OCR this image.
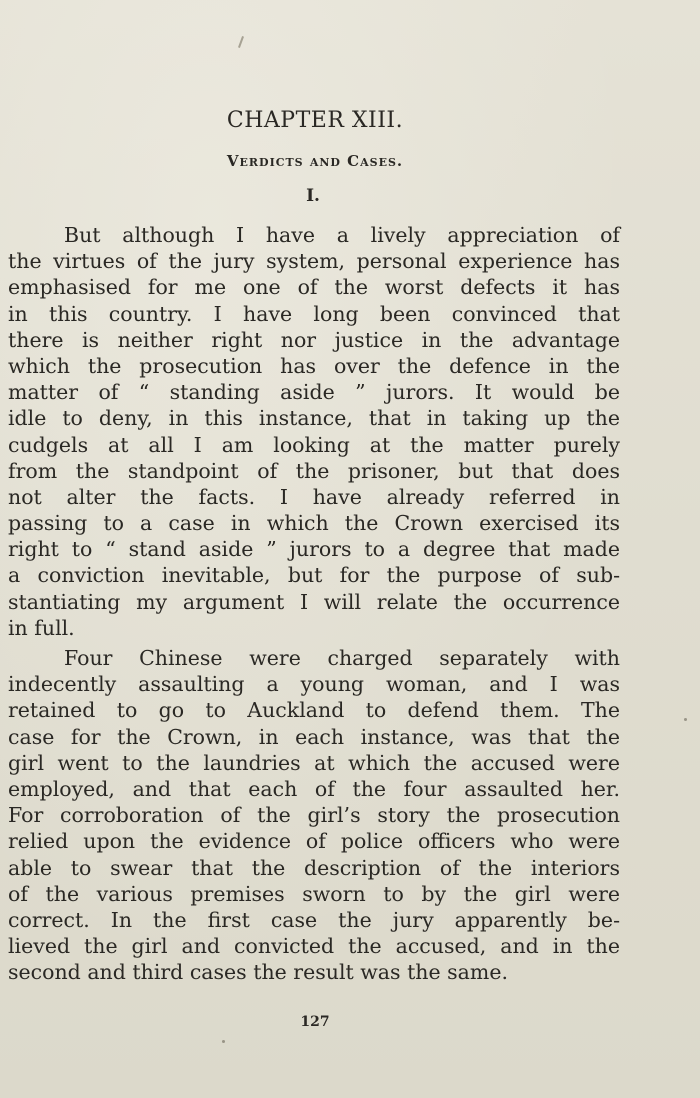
CHAPTER XIII.
Verdicts and Cases.
I.
But although I have a lively appreciation of
the virtues of the jury system, personal experience has
emphasised for me one of the worst defects it has
in this country. I have long been convinced that
there is neither right nor justice in the advantage
which the prosecution has over the defence in the
matter of “ standing aside ” jurors. It would be
idle to deny, in this instance, that in taking up the
cudgels at all I am looking at the matter purely
from the standpoint of the prisoner, but that does
not alter the facts. I have already referred in
passing to a case in which the Crown exercised its
right to “ stand aside ” jurors to a degree that made
a conviction inevitable, but for the purpose of sub-
stantiating my argument I will relate the occurrence
in full.
Four Chinese were charged separately with
indecently assaulting a young woman, and I was
retained to go to Auckland to defend them. The
case for the Crown, in each instance, was that the
girl went to the laundries at which the accused were
employed, and that each of the four assaulted her.
For corroboration of the girl’s story the prosecution
relied upon the evidence of police officers who were
able to swear that the description of the interiors
of the various premises sworn to by the girl were
correct. In the first case the jury apparently be-
lieved the girl and convicted the accused, and in the
second and third cases the result was the same.
127
